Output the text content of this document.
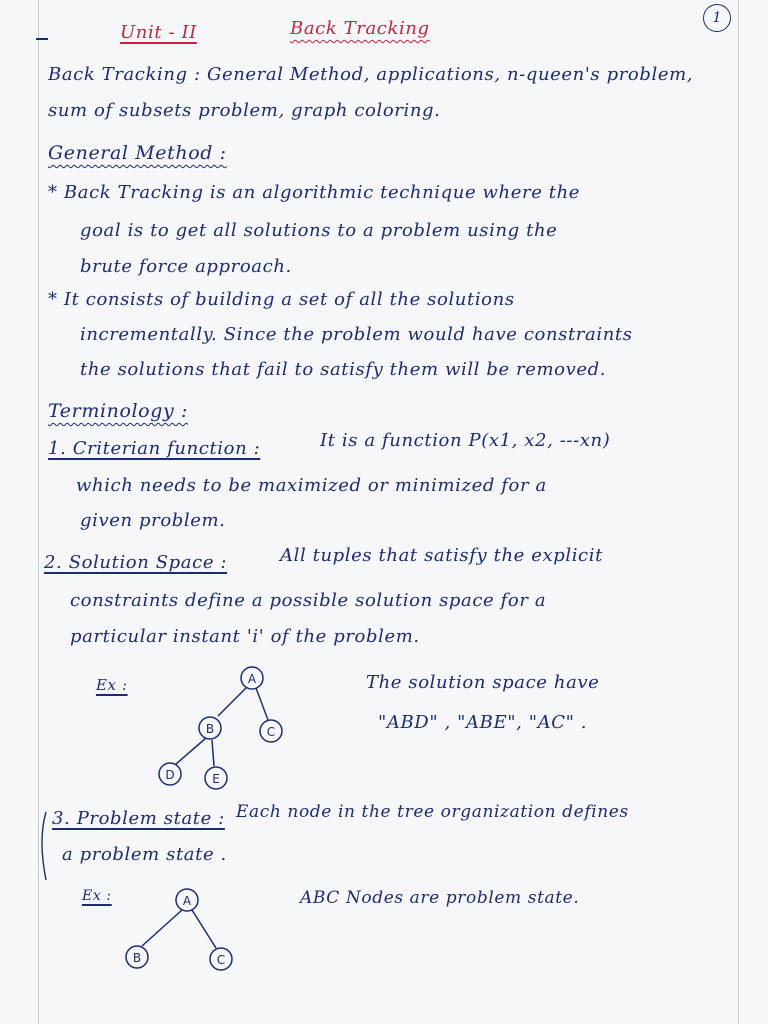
Unit - II	Back Tracking	1
Back Tracking : General Method, applications, n-queen's problem,
sum of subsets problem, graph coloring.
General Method :
* Back Tracking is an algorithmic technique where the
goal is to get all solutions to a problem using the
brute force approach.
* It consists of building a set of all the solutions
incrementally. Since the problem would have constraints
the solutions that fail to satisfy them will be removed.
Terminology :
1. Criterian function :	It is a function P(x1, x2, ---xn)
which needs to be maximized or minimized for a
given problem.
2. Solution Space :	All tuples that satisfy the explicit
constraints define a possible solution space for a
particular instant 'i' of the problem.
Ex :	The solution space have
"ABD" , "ABE", "AC" .
A
B	C
D	E
A
B	C
3. Problem state : Each node in the tree organization defines
a problem state .
Ex :	ABC Nodes are problem state.
